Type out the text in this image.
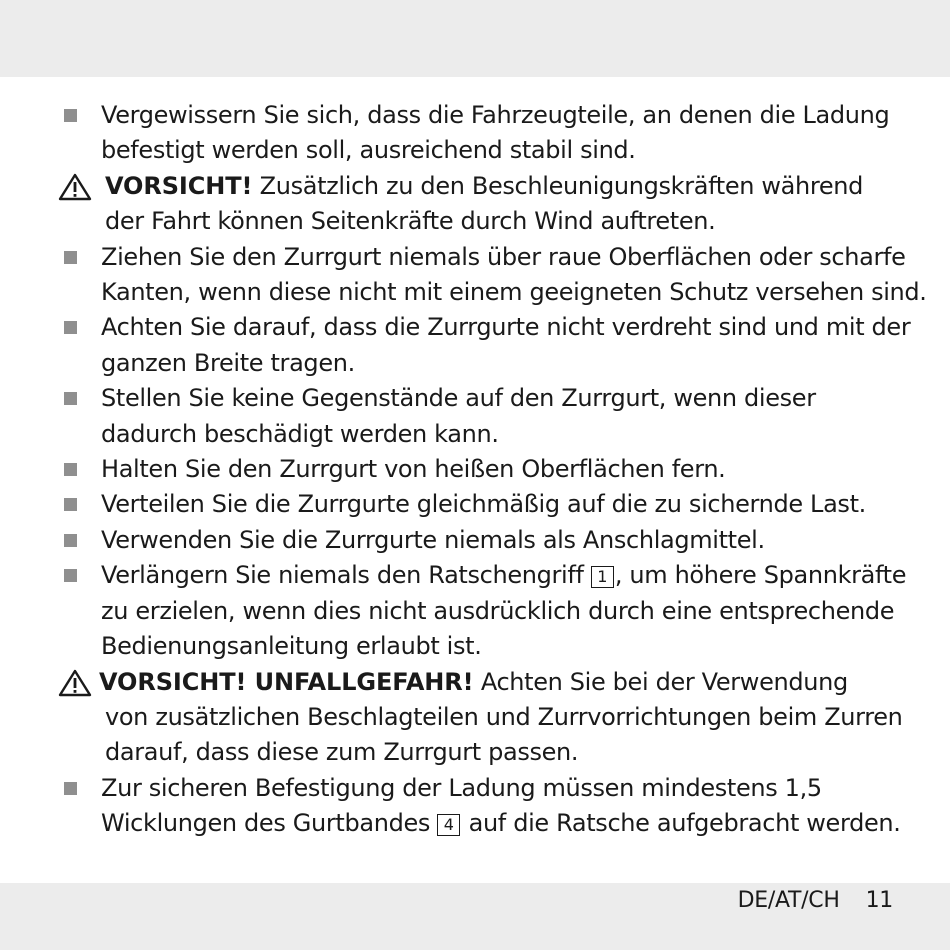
Vergewissern Sie sich, dass die Fahrzeugteile, an denen die Ladung
befestigt werden soll, ausreichend stabil sind.
VORSICHT! Zusätzlich zu den Beschleunigungskräften während
der Fahrt können Seitenkräfte durch Wind auftreten.
Ziehen Sie den Zurrgurt niemals über raue Oberflächen oder scharfe
Kanten, wenn diese nicht mit einem geeigneten Schutz versehen sind.
Achten Sie darauf, dass die Zurrgurte nicht verdreht sind und mit der
ganzen Breite tragen.
Stellen Sie keine Gegenstände auf den Zurrgurt, wenn dieser
dadurch beschädigt werden kann.
Halten Sie den Zurrgurt von heißen Oberflächen fern.
Verteilen Sie die Zurrgurte gleichmäßig auf die zu sichernde Last.
Verwenden Sie die Zurrgurte niemals als Anschlagmittel.
Verlängern Sie niemals den Ratschengriff 1 , um höhere Spannkräfte
zu erzielen, wenn dies nicht ausdrücklich durch eine entsprechende
Bedienungsanleitung erlaubt ist.
VORSICHT! UNFALLGEFAHR! Achten Sie bei der Verwendung
von zusätzlichen Beschlagteilen und Zurrvorrichtungen beim Zurren
darauf, dass diese zum Zurrgurt passen.
Zur sicheren Befestigung der Ladung müssen mindestens 1,5
Wicklungen des Gurtbandes 4 auf die Ratsche aufgebracht werden.
DE/AT/CH 11
